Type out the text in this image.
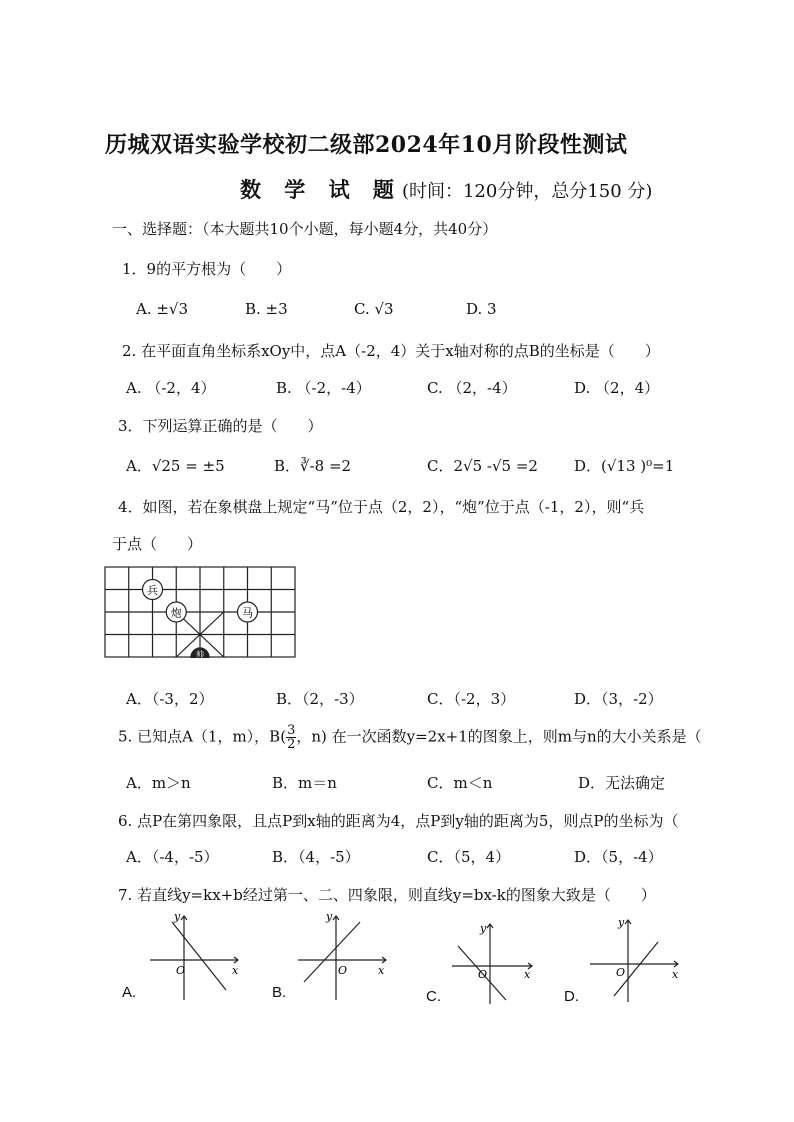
历城双语实验学校初二级部2024年10月阶段性测试
数 学 试 题(时间：120分钟，总分150 分)
一、选择题：（本大题共10个小题，每小题4分，共40分）
1．9的平方根为（　　）
A. ±√3	B. ±3	C. √3	D. 3
2. 在平面直角坐标系xOy中，点A（-2，4）关于x轴对称的点B的坐标是（　　）
A. （-2，4）	B. （-2，-4）	C. （2，-4）	D. （2，4）
3．下列运算正确的是（　　）
A．√25 = ±5	B．∛-8 =2	C．2√5 -√5 =2 D．(√13 )⁰=1
4．如图，若在象棋盘上规定“马”位于点（2，2），“炮”位于点（-1，2），则“兵
于点（　　）
兵
炮	马
帅
A．（-3，2）	B．（2，-3）	C．（-2，3）	D．（3，-2）
5. 已知点A（1，m），$B( \frac{3}{2}$ ，n) 在一次函数y=2x+1的图象上，则m与n的大小关系是（
A．m＞n	B．m＝n	C．m＜n	D．无法确定
6. 点P在第四象限，且点P到x轴的距离为4，点P到y轴的距离为5，则点P的坐标为（
A．（-4，-5）	B．（4，-5）	C．（5，4）	D．（5，-4）
7. 若直线y=kx+b经过第一、二、四象限，则直线y=bx-k的图象大致是（　　）
O	x
y
A.
O	x
y
B.
O	x
y
C.
O	x
y
D.
